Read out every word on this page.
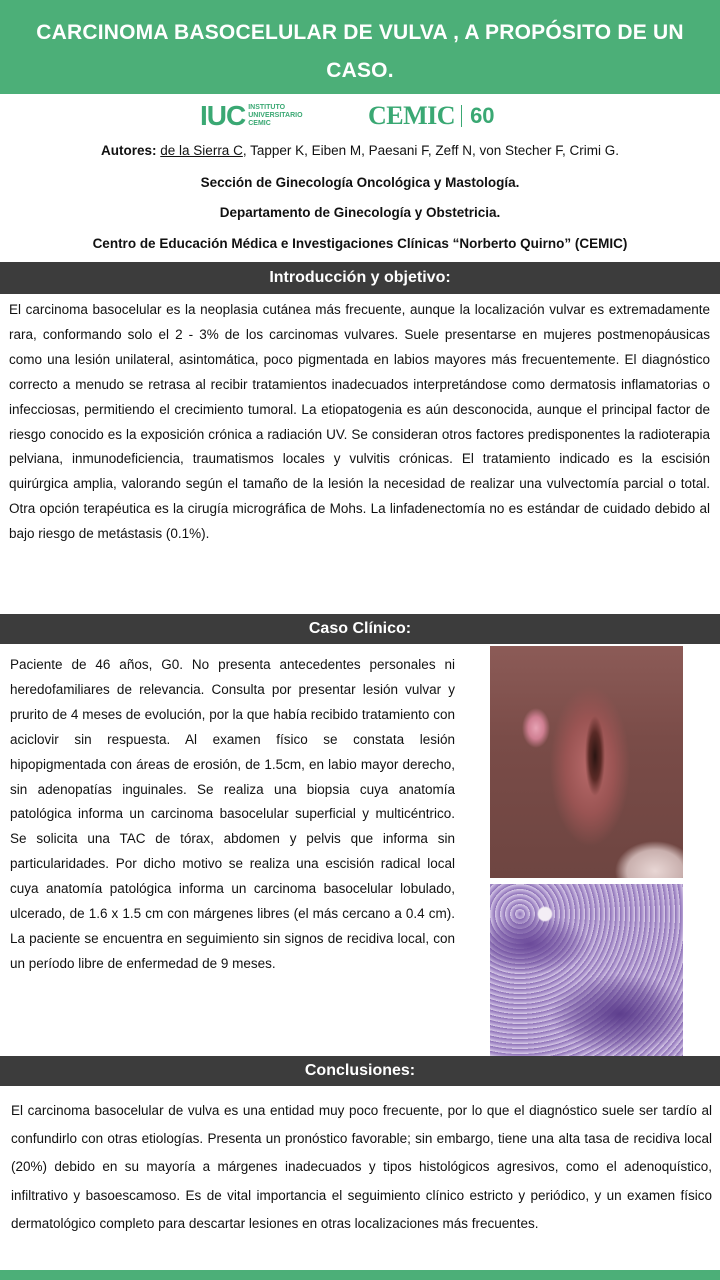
CARCINOMA BASOCELULAR DE VULVA , A PROPÓSITO DE UN CASO.
IUC INSTITUTO
UNIVERSITARIO
CEMIC	CEMIC 60
Autores: de la Sierra C, Tapper K, Eiben M, Paesani F, Zeff N, von Stecher F, Crimi G.
Sección de Ginecología Oncológica y Mastología.
Departamento de Ginecología y Obstetricia.
Centro de Educación Médica e Investigaciones Clínicas “Norberto Quirno” (CEMIC)
Introducción y objetivo:

El carcinoma basocelular es la neoplasia cutánea más frecuente, aunque la localización vulvar es extremadamente rara, conformando solo el 2 - 3% de los carcinomas vulvares. Suele presentarse en mujeres postmenopáusicas como una lesión unilateral, asintomática, poco pigmentada en labios mayores más frecuentemente. El diagnóstico correcto a menudo se retrasa al recibir tratamientos inadecuados interpretándose como dermatosis inflamatorias o infecciosas, permitiendo el crecimiento tumoral. La etiopatogenia es aún desconocida, aunque el principal factor de riesgo conocido es la exposición crónica a radiación UV. Se consideran otros factores predisponentes la radioterapia pelviana, inmunodeficiencia, traumatismos locales y vulvitis crónicas. El tratamiento indicado es la escisión quirúrgica amplia, valorando según el tamaño de la lesión la necesidad de realizar una vulvectomía parcial o total. Otra opción terapéutica es la cirugía micrográfica de Mohs. La linfadenectomía no es estándar de cuidado debido al bajo riesgo de metástasis (0.1%).

Caso Clínico:

Paciente de 46 años, G0. No presenta antecedentes personales ni heredofamiliares de relevancia. Consulta por presentar lesión vulvar y prurito de 4 meses de evolución, por la que había recibido tratamiento con aciclovir sin respuesta. Al examen físico se constata lesión hipopigmentada con áreas de erosión, de 1.5cm, en labio mayor derecho, sin adenopatías inguinales. Se realiza una biopsia cuya anatomía patológica informa un carcinoma basocelular superficial y multicéntrico. Se solicita una TAC de tórax, abdomen y pelvis que informa sin particularidades. Por dicho motivo se realiza una escisión radical local cuya anatomía patológica informa un carcinoma basocelular lobulado, ulcerado, de 1.6 x 1.5 cm con márgenes libres (el más cercano a 0.4 cm). La paciente se encuentra en seguimiento sin signos de recidiva local, con un período libre de enfermedad de 9 meses.

Conclusiones:

El carcinoma basocelular de vulva es una entidad muy poco frecuente, por lo que el diagnóstico suele ser tardío al confundirlo con otras etiologías. Presenta un pronóstico favorable; sin embargo, tiene una alta tasa de recidiva local (20%) debido en su mayoría a márgenes inadecuados y tipos histológicos agresivos, como el adenoquístico, infiltrativo y basoescamoso. Es de vital importancia el seguimiento clínico estricto y periódico, y un examen físico dermatológico completo para descartar lesiones en otras localizaciones más frecuentes.
